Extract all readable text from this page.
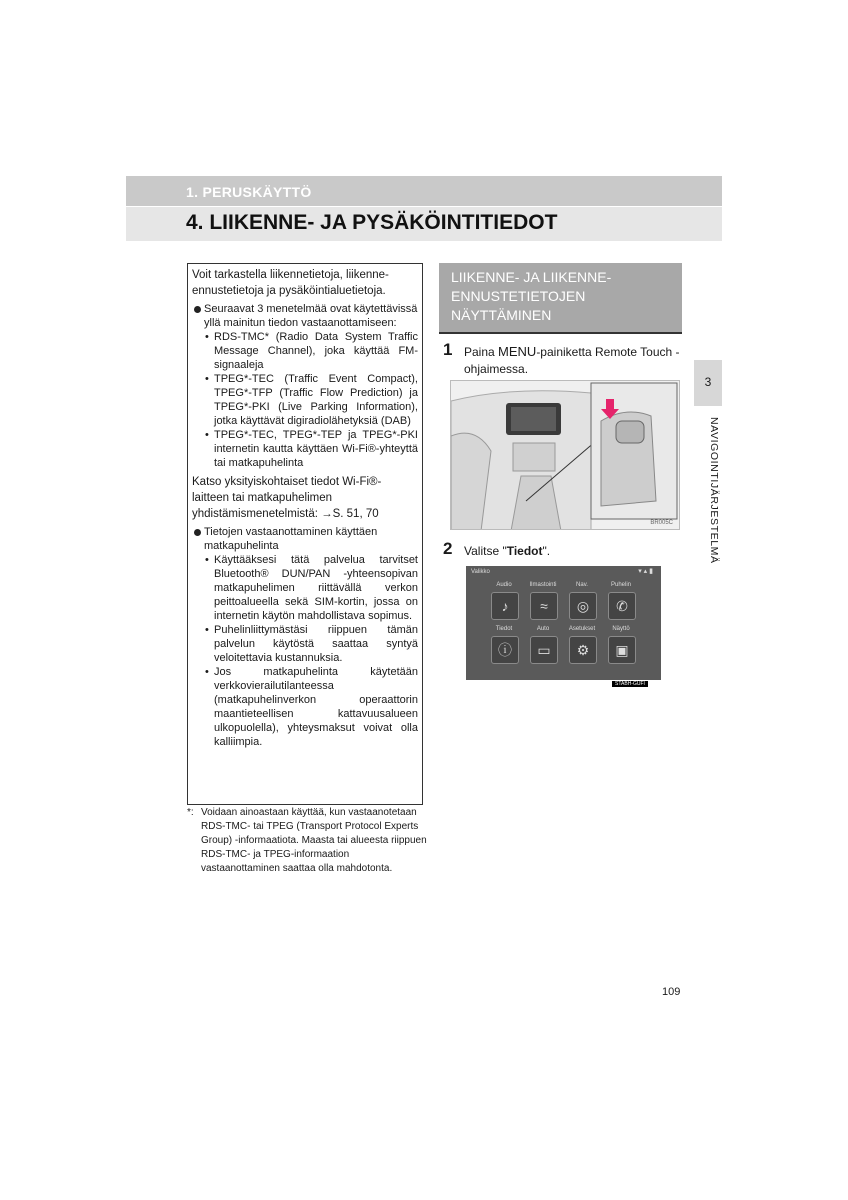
1. PERUSKÄYTTÖ
4. LIIKENNE- JA PYSÄKÖINTITIEDOT

Voit tarkastella liikennetietoja, liikenne-ennustetietoja ja pysäköintialuetietoja.

Seuraavat 3 menetelmää ovat käytettävissä yllä mainitun tiedon vastaanottamiseen:

• RDS-TMC* (Radio Data System Traffic Message Channel), joka käyttää FM-signaaleja

• TPEG*-TEC (Traffic Event Compact), TPEG*-TFP (Traffic Flow Prediction) ja TPEG*-PKI (Live Parking Information), jotka käyttävät digiradiolähetyksiä (DAB)

• TPEG*-TEC, TPEG*-TEP ja TPEG*-PKI internetin kautta käyttäen Wi-Fi®-yhteyttä tai matkapuhelinta

Katso yksityiskohtaiset tiedot Wi-Fi®-laitteen tai matkapuhelimen yhdistämismenetelmistä: →S. 51, 70

Tietojen vastaanottaminen käyttäen matkapuhelinta

• Käyttääksesi tätä palvelua tarvitset Bluetooth® DUN/PAN -yhteensopivan matkapuhelimen riittävällä verkon peittoalueella sekä SIM-kortin, jossa on internetin käytön mahdollistava sopimus.

• Puhelinliittymästäsi riippuen tämän palvelun käytöstä saattaa syntyä veloitettavia kustannuksia.

• Jos matkapuhelinta käytetään verkkovierailutilanteessa (matkapuhelinverkon operaattorin maantieteellisen kattavuusalueen ulkopuolella), yhteysmaksut voivat olla kalliimpia.

*: Voidaan ainoastaan käyttää, kun vastaanotetaan RDS-TMC- tai TPEG (Transport Protocol Experts Group) -informaatiota. Maasta tai alueesta riippuen RDS-TMC- ja TPEG-informaation vastaanottaminen saattaa olla mahdotonta.
LIIKENNE- JA LIIKENNE-ENNUSTETIETOJEN NÄYTTÄMINEN
1 Paina MENU-painiketta Remote Touch -ohjaimessa.
BR005C
2 Valitse "Tiedot".
Valikko	▾ ▴ ▮
Audio	Ilmastointi	Nav.	Puhelin
♪	≈	◎	✆
Tiedot	Auto	Asetukset	Näyttö
ⓘ	▭	⚙	▣
STABH-GUFI
3
NAVIGOINTIJÄRJESTELMÄ
109
